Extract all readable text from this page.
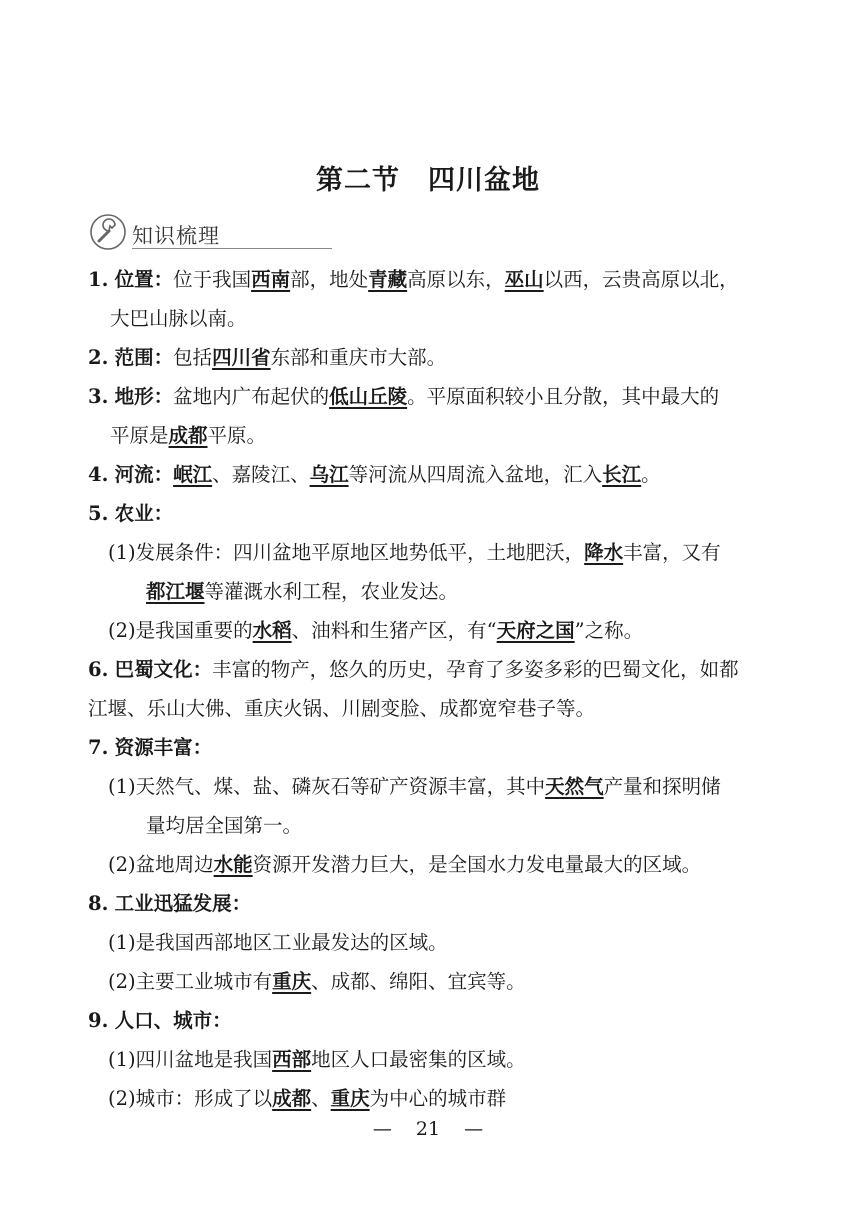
第二节 四川盆地
知识梳理
1. 位置：位于我国西南部，地处青藏高原以东，巫山以西，云贵高原以北，
大巴山脉以南。
2. 范围：包括四川省东部和重庆市大部。
3. 地形：盆地内广布起伏的低山丘陵。平原面积较小且分散，其中最大的
平原是成都平原。
4. 河流：岷江、嘉陵江、乌江等河流从四周流入盆地，汇入长江。
5. 农业：
(1)发展条件：四川盆地平原地区地势低平，土地肥沃，降水丰富，又有
都江堰等灌溉水利工程，农业发达。
(2)是我国重要的水稻、油料和生猪产区，有“天府之国”之称。
6. 巴蜀文化：丰富的物产，悠久的历史，孕育了多姿多彩的巴蜀文化，如都
江堰、乐山大佛、重庆火锅、川剧变脸、成都宽窄巷子等。
7. 资源丰富：
(1)天然气、煤、盐、磷灰石等矿产资源丰富，其中天然气产量和探明储
量均居全国第一。
(2)盆地周边水能资源开发潜力巨大，是全国水力发电量最大的区域。
8. 工业迅猛发展：
(1)是我国西部地区工业最发达的区域。
(2)主要工业城市有重庆、成都、绵阳、宜宾等。
9. 人口、城市：
(1)四川盆地是我国西部地区人口最密集的区域。
(2)城市：形成了以成都、重庆为中心的城市群
— 21 —
